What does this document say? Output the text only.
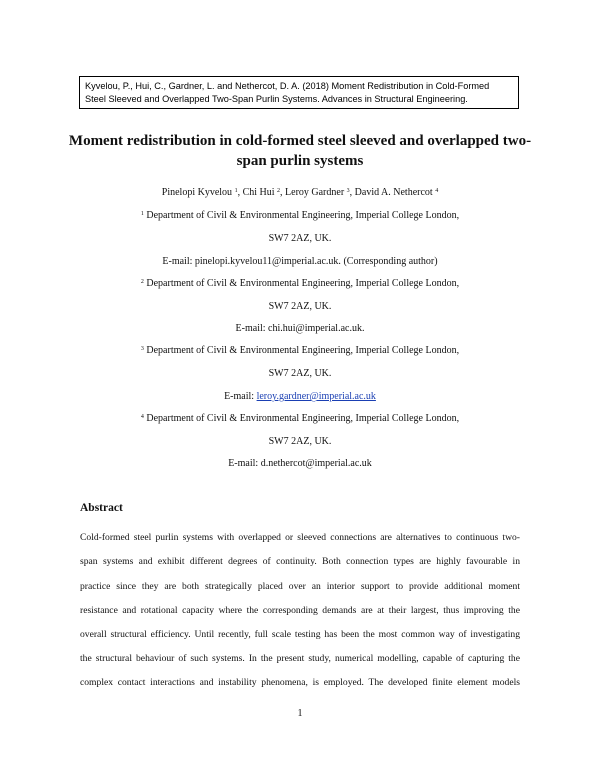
Kyvelou, P., Hui, C., Gardner, L. and Nethercot, D. A. (2018) Moment Redistribution in Cold-Formed
Steel Sleeved and Overlapped Two-Span Purlin Systems. Advances in Structural Engineering.
Moment redistribution in cold-formed steel sleeved and overlapped two-
span purlin systems
Pinelopi Kyvelou $^1$, Chi Hui $^2$, Leroy Gardner $^3$, David A. Nethercot $^4$
$^1$ Department of Civil & Environmental Engineering, Imperial College London,
SW7 2AZ, UK.
E-mail: pinelopi.kyvelou11@imperial.ac.uk. (Corresponding author)
$^2$ Department of Civil & Environmental Engineering, Imperial College London,
SW7 2AZ, UK.
E-mail: chi.hui@imperial.ac.uk.
$^3$ Department of Civil & Environmental Engineering, Imperial College London,
SW7 2AZ, UK.
E-mail: leroy.gardner@imperial.ac.uk
$^4$ Department of Civil & Environmental Engineering, Imperial College London,
SW7 2AZ, UK.
E-mail: d.nethercot@imperial.ac.uk
Abstract
Cold-formed steel purlin systems with overlapped or sleeved connections are alternatives to continuous two-
span systems and exhibit different degrees of continuity. Both connection types are highly favourable in
practice since they are both strategically placed over an interior support to provide additional moment
resistance and rotational capacity where the corresponding demands are at their largest, thus improving the
overall structural efficiency. Until recently, full scale testing has been the most common way of investigating
the structural behaviour of such systems. In the present study, numerical modelling, capable of capturing the
complex contact interactions and instability phenomena, is employed. The developed finite element models
1
